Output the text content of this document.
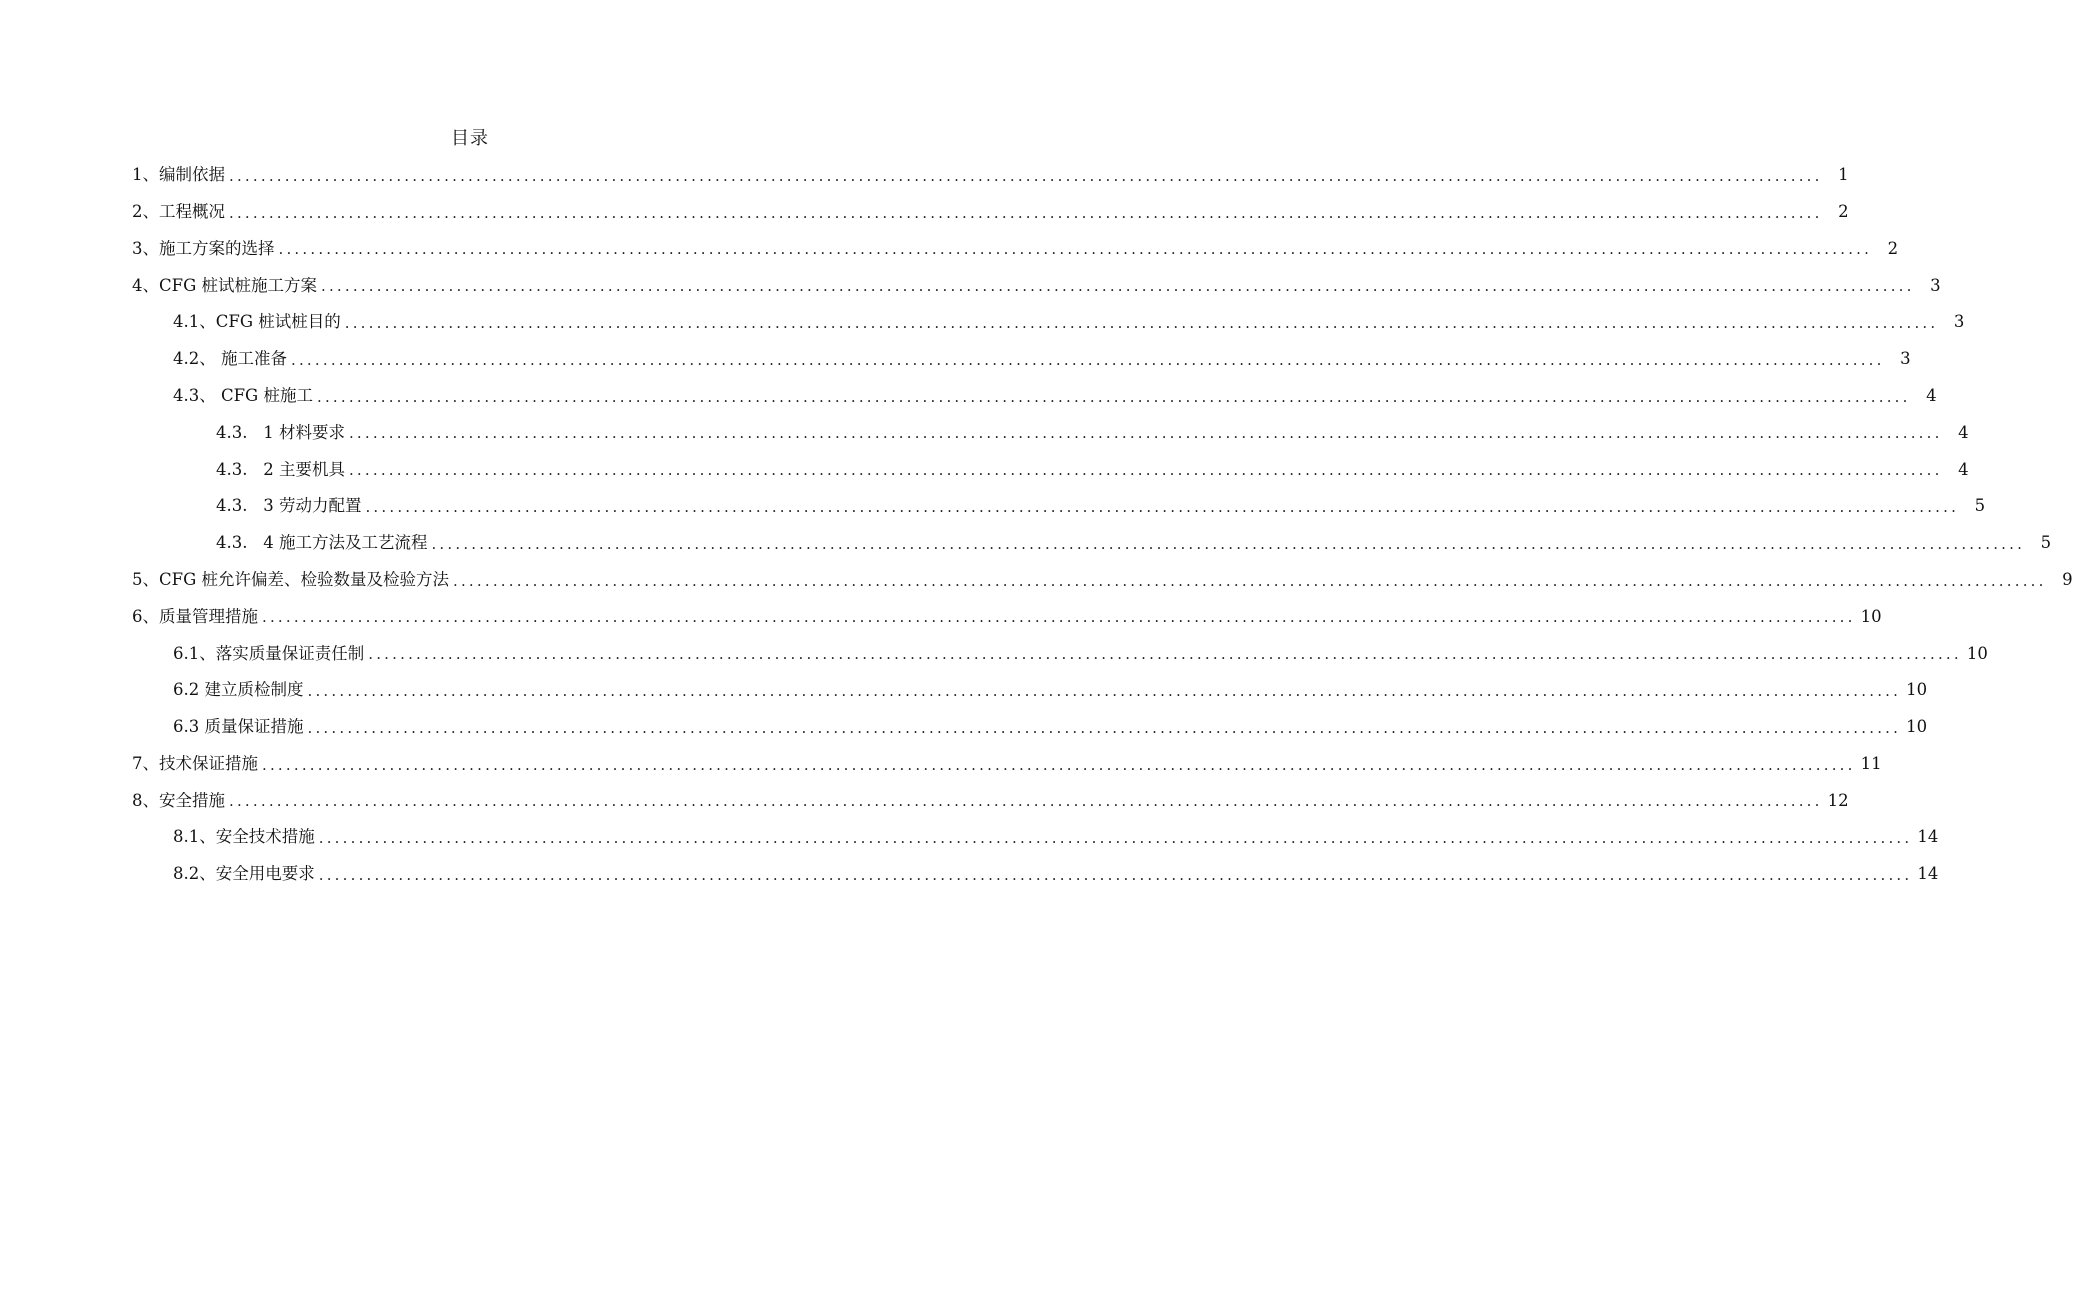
目录
1、编制依据 ........................................................................................................................................................................................................ 1
2、工程概况 ........................................................................................................................................................................................................ 2
3、施工方案的选择 ........................................................................................................................................................................................................ 2
4、CFG 桩试桩施工方案 ........................................................................................................................................................................................................ 3
4.1、CFG 桩试桩目的 ........................................................................................................................................................................................................ 3
4.2、 施工准备 ........................................................................................................................................................................................................ 3
4.3、 CFG 桩施工 ........................................................................................................................................................................................................ 4
4.3.   1 材料要求 ........................................................................................................................................................................................................ 4
4.3.   2 主要机具 ........................................................................................................................................................................................................ 4
4.3.   3 劳动力配置 ........................................................................................................................................................................................................ 5
4.3.   4 施工方法及工艺流程 ........................................................................................................................................................................................................ 5
5、CFG 桩允许偏差、检验数量及检验方法 ........................................................................................................................................................................................................ 9
6、质量管理措施 ........................................................................................................................................................................................................ 10
6.1、落实质量保证责任制 ........................................................................................................................................................................................................ 10
6.2 建立质检制度 ........................................................................................................................................................................................................ 10
6.3 质量保证措施 ........................................................................................................................................................................................................ 10
7、技术保证措施 ........................................................................................................................................................................................................ 11
8、安全措施 ........................................................................................................................................................................................................ 12
8.1、安全技术措施 ........................................................................................................................................................................................................ 14
8.2、安全用电要求 ........................................................................................................................................................................................................ 14
